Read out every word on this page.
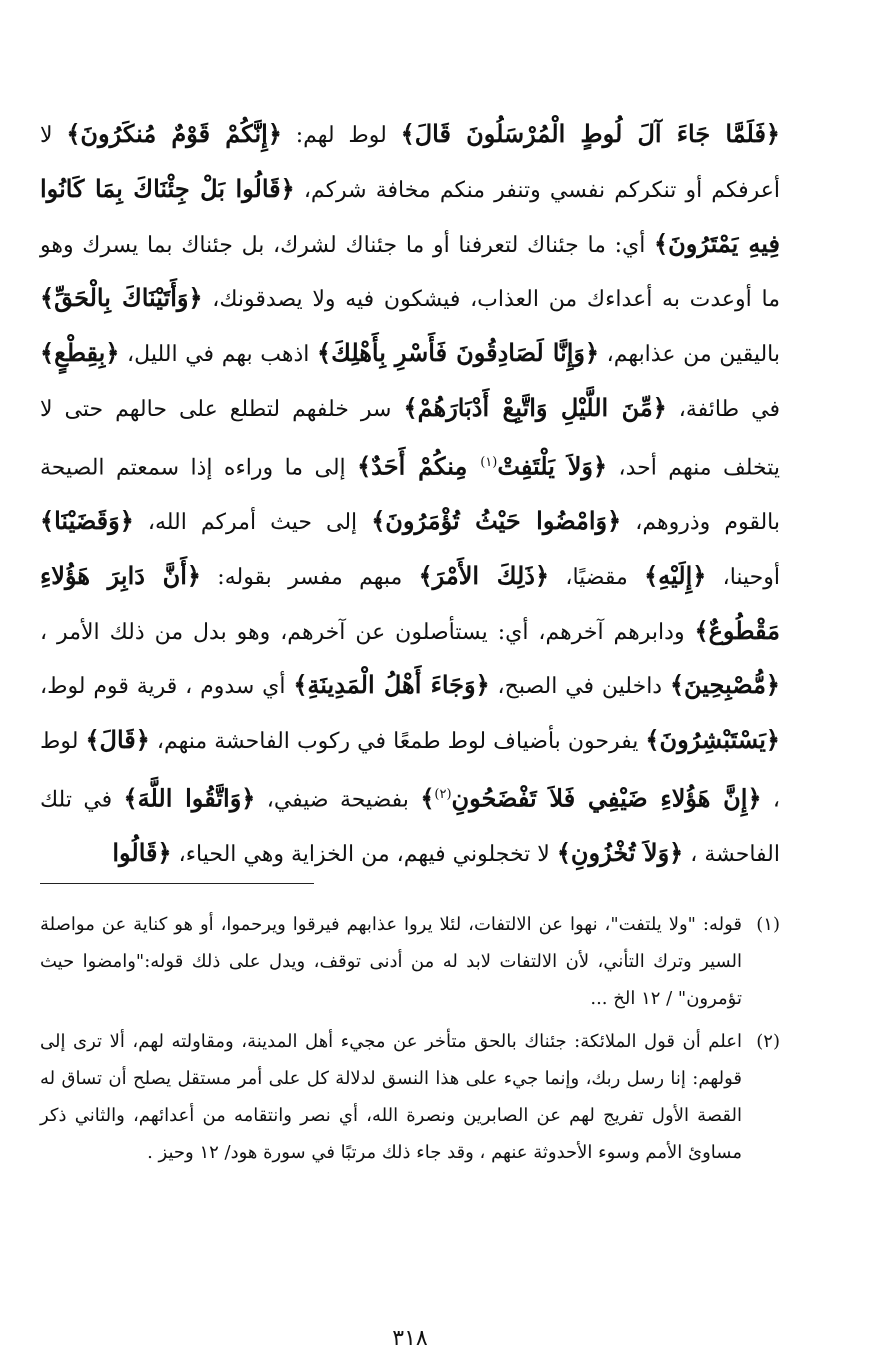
﴿فَلَمَّا جَاءَ آلَ لُوطٍ الْمُرْسَلُونَ قَالَ﴾ لوط لهم: ﴿إِنَّكُمْ قَوْمٌ مُنكَرُونَ﴾ لا أعرفكم أو تنكركم نفسي وتنفر منكم مخافة شركم، ﴿قَالُوا بَلْ جِئْنَاكَ بِمَا كَانُوا فِيهِ يَمْتَرُونَ﴾ أي: ما جئناك لتعرفنا أو ما جئناك لشرك، بل جئناك بما يسرك وهو ما أوعدت به أعداءك من العذاب، فيشكون فيه ولا يصدقونك، ﴿وَأَتَيْنَاكَ بِالْحَقِّ﴾ باليقين من عذابهم، ﴿وَإِنَّا لَصَادِقُونَ فَأَسْرِ بِأَهْلِكَ﴾ اذهب بهم في الليل، ﴿بِقِطْعٍ﴾ في طائفة، ﴿مِّنَ اللَّيْلِ وَاتَّبِعْ أَدْبَارَهُمْ﴾ سر خلفهم لتطلع على حالهم حتى لا يتخلف منهم أحد، ﴿وَلاَ يَلْتَفِتْ$^{(١)}$ مِنكُمْ أَحَدٌ﴾ إلى ما وراءه إذا سمعتم الصيحة بالقوم وذروهم، ﴿وَامْضُوا حَيْثُ تُؤْمَرُونَ﴾ إلى حيث أمركم الله، ﴿وَقَضَيْنَا﴾ أوحينا، ﴿إِلَيْهِ﴾ مقضيًا، ﴿ذَلِكَ الأَمْرَ﴾ مبهم مفسر بقوله: ﴿أَنَّ دَابِرَ هَؤُلاءِ مَقْطُوعٌ﴾ ودابرهم آخرهم، أي: يستأصلون عن آخرهم، وهو بدل من ذلك الأمر ، ﴿مُّصْبِحِينَ﴾ داخلين في الصبح، ﴿وَجَاءَ أَهْلُ الْمَدِينَةِ﴾ أي سدوم ، قرية قوم لوط، ﴿يَسْتَبْشِرُونَ﴾ يفرحون بأضياف لوط طمعًا في ركوب الفاحشة منهم، ﴿قَالَ﴾ لوط ، ﴿إِنَّ هَؤُلاءِ ضَيْفِي فَلاَ تَفْضَحُونِ$^{(٢)}$﴾ بفضيحة ضيفي، ﴿وَاتَّقُوا اللَّهَ﴾ في تلك الفاحشة ، ﴿وَلاَ تُخْزُونِ﴾ لا تخجلوني فيهم، من الخزاية وهي الحياء، ﴿قَالُوا

(١)
قوله: "ولا يلتفت"، نهوا عن الالتفات، لئلا يروا عذابهم فيرقوا ويرحموا، أو هو كناية عن مواصلة السير وترك التأني، لأن الالتفات لابد له من أدنى توقف، ويدل على ذلك قوله:"وامضوا حيث تؤمرون" / ١٢ الخ ...
(٢)
اعلم أن قول الملائكة: جئناك بالحق متأخر عن مجيء أهل المدينة، ومقاولته لهم، ألا ترى إلى قولهم: إنا رسل ربك، وإنما جيء على هذا النسق لدلالة كل على أمر مستقل يصلح أن تساق له القصة الأول تفريج لهم عن الصابرين ونصرة الله، أي نصر وانتقامه من أعدائهم، والثاني ذكر مساوئ الأمم وسوء الأحدوثة عنهم ، وقد جاء ذلك مرتبًا في سورة هود/ ١٢ وحيز .
٣١٨
